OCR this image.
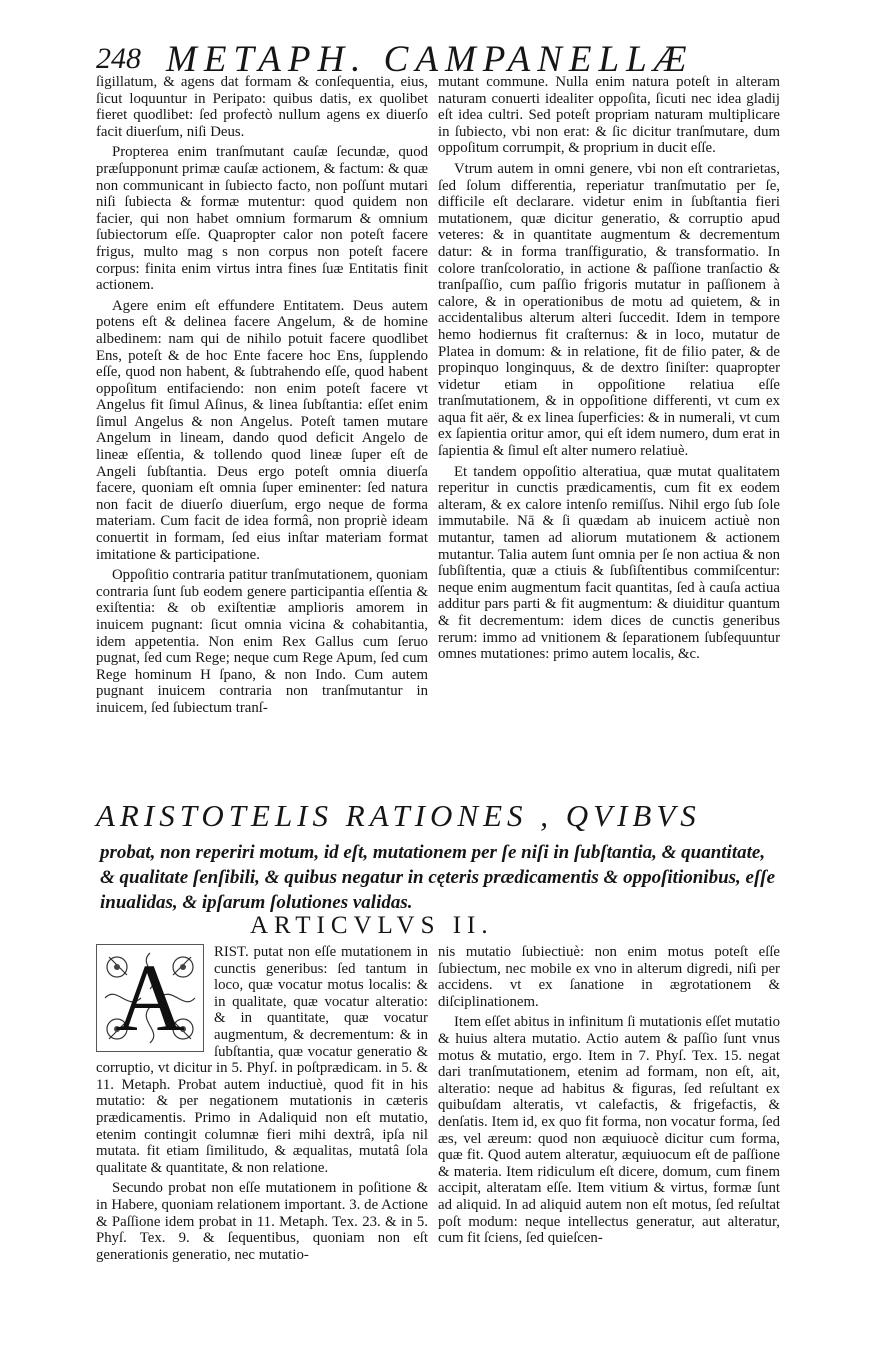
248 METAPH. CAMPANELLÆ

ſigillatum, & agens dat formam & conſequentia, eius, ſicut loquuntur in Peripato: quibus datis, ex quolibet fieret quodlibet: ſed profectò nullum agens ex diuerſo facit diuerſum, niſi Deus.

Propterea enim tranſmutant cauſæ ſecundæ, quod præſupponunt primæ cauſæ actionem, & factum: & quæ non communicant in ſubiecto facto, non poſſunt mutari niſi ſubiecta & formæ mutentur: quod quidem non facier, qui non habet omnium formarum & omnium ſubiectorum eſſe. Quapropter calor non poteſt facere frigus, multo mag s non corpus non poteſt facere corpus: finita enim virtus intra fines ſuæ Entitatis finit actionem.

Agere enim eſt effundere Entitatem. Deus autem potens eſt & delinea facere Angelum, & de homine albedinem: nam qui de nihilo potuit facere quodlibet Ens, poteſt & de hoc Ente facere hoc Ens, ſupplendo eſſe, quod non habent, & ſubtrahendo eſſe, quod habent oppoſitum entifaciendo: non enim poteſt facere vt Angelus fit ſimul Aſinus, & linea ſubſtantia: eſſet enim ſimul Angelus & non Angelus. Poteſt tamen mutare Angelum in lineam, dando quod deficit Angelo de lineæ eſſentia, & tollendo quod lineæ ſuper eſt de Angeli ſubſtantia. Deus ergo poteſt omnia diuerſa facere, quoniam eſt omnia ſuper eminenter: ſed natura non facit de diuerſo diuerſum, ergo neque de forma materiam. Cum facit de idea formâ, non propriè ideam conuertit in formam, ſed eius inſtar materiam format imitatione & participatione.

Oppoſitio contraria patitur tranſmutationem, quoniam contraria ſunt ſub eodem genere participantia eſſentia & exiſtentia: & ob exiſtentiæ amplioris amorem in inuicem pugnant: ſicut omnia vicina & cohabitantia, idem appetentia. Non enim Rex Gallus cum ſeruo pugnat, ſed cum Rege; neque cum Rege Apum, ſed cum Rege hominum H ſpano, & non Indo. Cum autem pugnant inuicem contraria non tranſmutantur in inuicem, ſed ſubiectum tranſ-

mutant commune. Nulla enim natura poteſt in alteram naturam conuerti idealiter oppoſita, ſicuti nec idea gladij eſt idea cultri. Sed poteſt propriam naturam multiplicare in ſubiecto, vbi non erat: & ſic dicitur tranſmutare, dum oppoſitum corrumpit, & proprium in ducit eſſe.

Vtrum autem in omni genere, vbi non eſt contrarietas, ſed ſolum differentia, reperiatur tranſmutatio per ſe, difficile eſt declarare. videtur enim in ſubſtantia fieri mutationem, quæ dicitur generatio, & corruptio apud veteres: & in quantitate augmentum & decrementum datur: & in forma tranſfiguratio, & transformatio. In colore tranſcoloratio, in actione & paſſione tranſactio & tranſpaſſio, cum paſſio frigoris mutatur in paſſionem à calore, & in operationibus de motu ad quietem, & in accidentalibus alterum alteri ſuccedit. Idem in tempore hemo hodiernus fit craſternus: & in loco, mutatur de Platea in domum: & in relatione, fit de filio pater, & de propinquo longinquus, & de dextro ſiniſter: quapropter videtur etiam in oppoſitione relatiua eſſe tranſmutationem, & in oppoſitione differenti, vt cum ex aqua fit aër, & ex linea ſuperficies: & in numerali, vt cum ex ſapientia oritur amor, qui eſt idem numero, dum erat in ſapientia & ſimul eſt alter numero relatiuè.

Et tandem oppoſitio alteratiua, quæ mutat qualitatem reperitur in cunctis prædicamentis, cum fit ex eodem alteram, & ex calore intenſo remiſſus. Nihil ergo ſub ſole immutabile. Nā & ſi quædam ab inuicem actiuè non mutantur, tamen ad aliorum mutationem & actionem mutantur. Talia autem ſunt omnia per ſe non actiua & non ſubſiſtentia, quæ a ctiuis & ſubſiſtentibus commiſcentur: neque enim augmentum facit quantitas, ſed à cauſa actiua additur pars parti & fit augmentum: & diuiditur quantum & fit decrementum: idem dices de cunctis generibus rerum: immo ad vnitionem & ſeparationem ſubſequuntur omnes mutationes: primo autem localis, &c.

ARISTOTELIS RATIONES , QVIBVS
probat, non reperiri motum, id eſt, mutationem per ſe niſi in ſubſtantia, & quantitate, & qualitate ſenſibili, & quibus negatur in cęteris prædicamentis & oppoſitionibus, eſſe inualidas, & ipſarum ſolutiones validas.
ARTICVLVS II.
A	RIST. putat non eſſe mutationem in cunctis generibus: ſed tantum in loco, quæ vocatur motus localis: & in qualitate, quæ vocatur alteratio: & in quantitate, quæ vocatur augmentum, & decrementum: & in ſubſtantia, quæ vocatur generatio & corruptio, vt dicitur in 5. Phyſ. in poſtprædicam. in 5. & 11. Metaph. Probat autem inductiuè, quod fit in his mutatio: & per negationem mutationis in cæteris prædicamentis. Primo in Adaliquid non eſt mutatio, etenim contingit columnæ fieri mihi dextrâ, ipſa nil mutata. fit etiam ſimilitudo, & æqualitas, mutatâ ſola qualitate & quantitate, & non relatione.

Secundo probat non eſſe mutationem in poſitione & in Habere, quoniam relationem important. 3. de Actione & Paſſione idem probat in 11. Metaph. Tex. 23. & in 5. Phyſ. Tex. 9. & ſequentibus, quoniam non eſt generationis generatio, nec mutatio-

nis mutatio ſubiectiuè: non enim motus poteſt eſſe ſubiectum, nec mobile ex vno in alterum digredi, niſi per accidens. vt ex ſanatione in ægrotationem & diſciplinationem.

Item eſſet abitus in infinitum ſi mutationis eſſet mutatio & huius altera mutatio. Actio autem & paſſio ſunt vnus motus & mutatio, ergo. Item in 7. Phyſ. Tex. 15. negat dari tranſmutationem, etenim ad formam, non eſt, ait, alteratio: neque ad habitus & figuras, ſed reſultant ex quibuſdam alteratis, vt calefactis, & frigefactis, & denſatis. Item id, ex quo fit forma, non vocatur forma, ſed æs, vel æreum: quod non æquiuocè dicitur cum forma, quæ fit. Quod autem alteratur, æquiuocum eſt de paſſione & materia. Item ridiculum eſt dicere, domum, cum finem accipit, alteratam eſſe. Item vitium & virtus, formæ ſunt ad aliquid. In ad aliquid autem non eſt motus, ſed reſultat poſt modum: neque intellectus generatur, aut alteratur, cum fit ſciens, ſed quieſcen-
